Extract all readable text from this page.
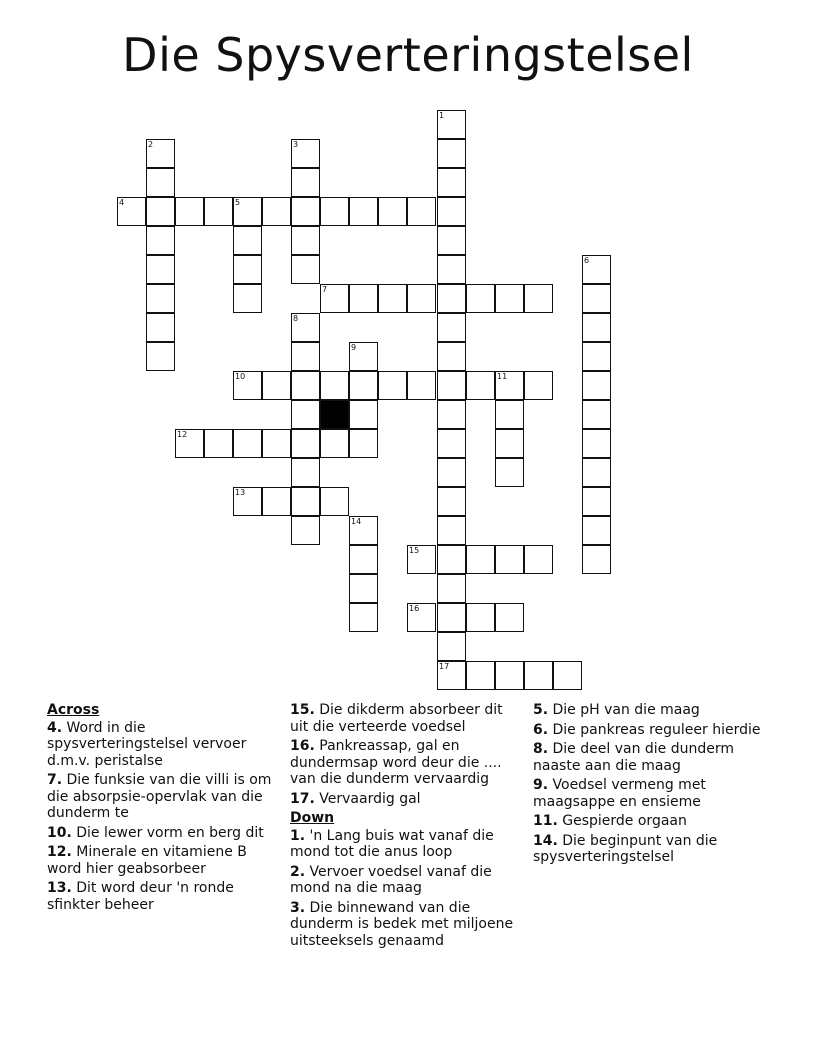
Die Spysverteringstelsel
1
2	3
4	5
6
7
8
9
10	11
12
13
14
15
16
17
Across
4. Word in die spysverteringstelsel vervoer d.m.v. peristalse
7. Die funksie van die villi is om die absorpsie-opervlak van die dunderm te
10. Die lewer vorm en berg dit
12. Minerale en vitamiene B word hier geabsorbeer
13. Dit word deur 'n ronde sfinkter beheer
15. Die dikderm absorbeer dit uit die verteerde voedsel
16. Pankreassap, gal en dundermsap word deur die .... van die dunderm vervaardig
17. Vervaardig gal
Down
1. 'n Lang buis wat vanaf die mond tot die anus loop
2. Vervoer voedsel vanaf die mond na die maag
3. Die binnewand van die dunderm is bedek met miljoene uitsteeksels genaamd
5. Die pH van die maag
6. Die pankreas reguleer hierdie
8. Die deel van die dunderm naaste aan die maag
9. Voedsel vermeng met maagsappe en ensieme
11. Gespierde orgaan
14. Die beginpunt van die spysverteringstelsel
